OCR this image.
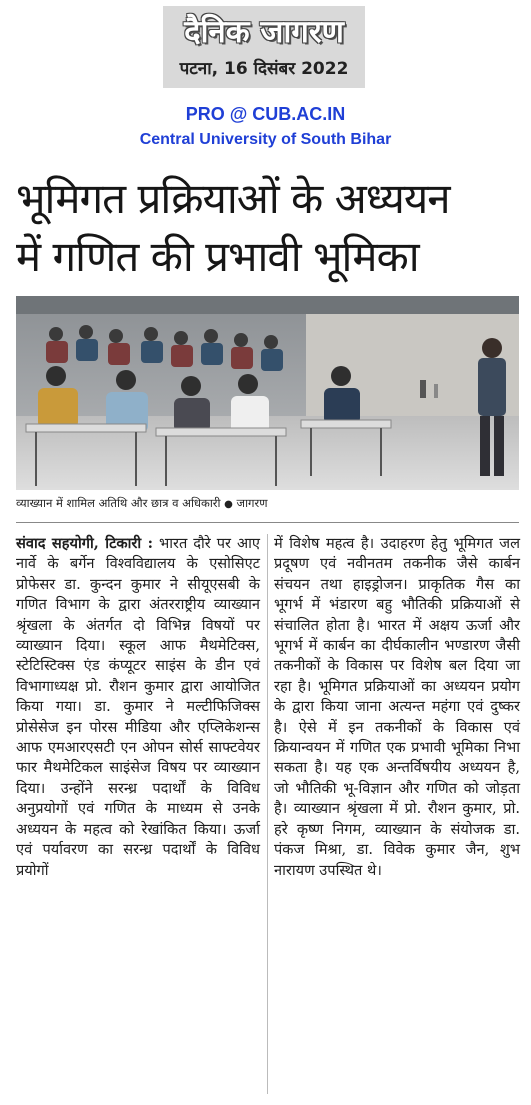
दैनिक जागरण
पटना, 16 दिसंबर 2022
PRO @ CUB.AC.IN
Central University of South Bihar
भूमिगत प्रक्रियाओं के अध्ययन
में गणित की प्रभावी भूमिका
व्याख्यान में शामिल अतिथि और छात्र व अधिकारी ● जागरण
संवाद सहयोगी, टिकारी : भारत दौरे पर आए नार्वे के बर्गेन विश्वविद्यालय के एसोसिएट प्रोफेसर डा. कुन्दन कुमार ने सीयूएसबी के गणित विभाग के द्वारा अंतरराष्ट्रीय व्याख्यान श्रृंखला के अंतर्गत दो विभिन्न विषयों पर व्याख्यान दिया। स्कूल आफ मैथमेटिक्स, स्टेटिस्टिक्स एंड कंप्यूटर साइंस के डीन एवं विभागाध्यक्ष प्रो. रौशन कुमार द्वारा आयोजित किया गया। डा. कुमार ने मल्टीफिजिक्स प्रोसेसेज इन पोरस मीडिया और एप्लिकेशन्स आफ एमआरएसटी एन ओपन सोर्स साफ्टवेयर फार मैथमेटिकल साइंसेज विषय पर व्याख्यान दिया। उन्होंने सरन्ध्र पदार्थों के विविध अनुप्रयोगों एवं गणित के माध्यम से उनके अध्ययन के महत्व को रेखांकित किया। ऊर्जा एवं पर्यावरण का सरन्ध्र पदार्थों के विविध प्रयोगों
में विशेष महत्व है। उदाहरण हेतु भूमिगत जल प्रदूषण एवं नवीनतम तकनीक जैसे कार्बन संचयन तथा हाइड्रोजन। प्राकृतिक गैस का भूगर्भ में भंडारण बहु भौतिकी प्रक्रियाओं से संचालित होता है। भारत में अक्षय ऊर्जा और भूगर्भ में कार्बन का दीर्घकालीन भण्डारण जैसी तकनीकों के विकास पर विशेष बल दिया जा रहा है। भूमिगत प्रक्रियाओं का अध्ययन प्रयोग के द्वारा किया जाना अत्यन्त महंगा एवं दुष्कर है। ऐसे में इन तकनीकों के विकास एवं क्रियान्वयन में गणित एक प्रभावी भूमिका निभा सकता है। यह एक अन्तर्विषयीय अध्ययन है, जो भौतिकी भू-विज्ञान और गणित को जोड़ता है। व्याख्यान श्रृंखला में प्रो. रौशन कुमार, प्रो. हरे कृष्ण निगम, व्याख्यान के संयोजक डा. पंकज मिश्रा, डा. विवेक कुमार जैन, शुभ नारायण उपस्थित थे।
